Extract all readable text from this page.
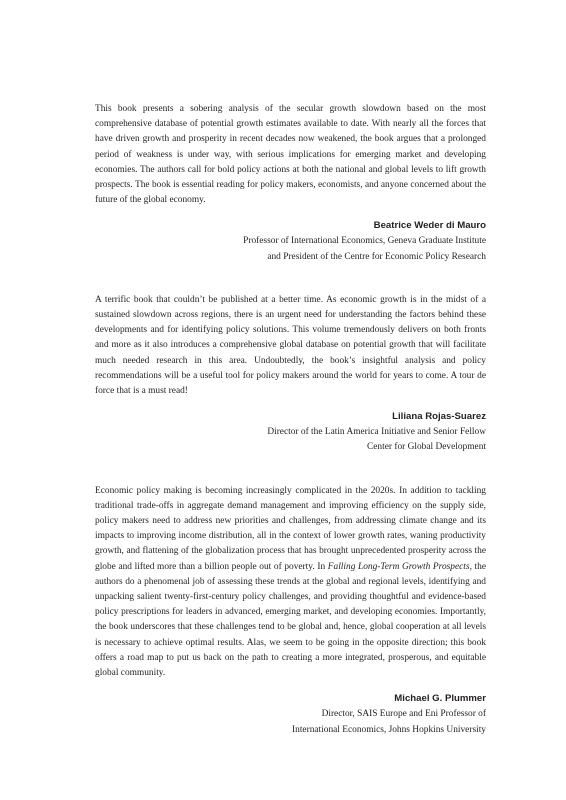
This book presents a sobering analysis of the secular growth slowdown based on the most comprehensive database of potential growth estimates available to date. With nearly all the forces that have driven growth and prosperity in recent decades now weakened, the book argues that a prolonged period of weakness is under way, with serious implications for emerging market and developing economies. The authors call for bold policy actions at both the national and global levels to lift growth prospects. The book is essential reading for policy makers, economists, and anyone concerned about the future of the global economy.

Beatrice Weder di Mauro

Professor of International Economics, Geneva Graduate Institute
and President of the Centre for Economic Policy Research

A terrific book that couldn’t be published at a better time. As economic growth is in the midst of a sustained slowdown across regions, there is an urgent need for understanding the factors behind these developments and for identifying policy solutions. This volume tremendously delivers on both fronts and more as it also introduces a comprehensive global database on potential growth that will facilitate much needed research in this area. Undoubtedly, the book’s insightful analysis and policy recommendations will be a useful tool for policy makers around the world for years to come. A tour de force that is a must read!

Liliana Rojas-Suarez

Director of the Latin America Initiative and Senior Fellow
Center for Global Development

Economic policy making is becoming increasingly complicated in the 2020s. In addition to tackling traditional trade-offs in aggregate demand management and improving efficiency on the supply side, policy makers need to address new priorities and challenges, from addressing climate change and its impacts to improving income distribution, all in the context of lower growth rates, waning productivity growth, and flattening of the globalization process that has brought unprecedented prosperity across the globe and lifted more than a billion people out of poverty. In Falling Long-Term Growth Prospects, the authors do a phenomenal job of assessing these trends at the global and regional levels, identifying and unpacking salient twenty-first-century policy challenges, and providing thoughtful and evidence-based policy prescriptions for leaders in advanced, emerging market, and developing economies. Importantly, the book underscores that these challenges tend to be global and, hence, global cooperation at all levels is necessary to achieve optimal results. Alas, we seem to be going in the opposite direction; this book offers a road map to put us back on the path to creating a more integrated, prosperous, and equitable global community.

Michael G. Plummer

Director, SAIS Europe and Eni Professor of
International Economics, Johns Hopkins University
